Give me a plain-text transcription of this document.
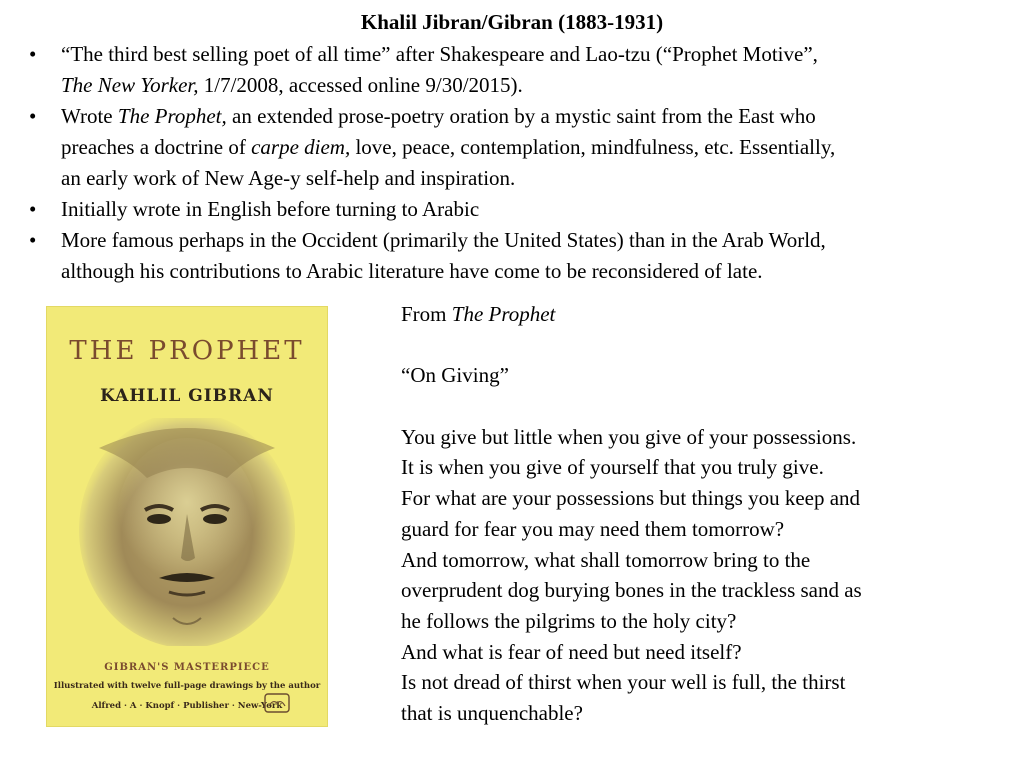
Khalil Jibran/Gibran (1883-1931)
• “The third best selling poet of all time” after Shakespeare and Lao-tzu (“Prophet Motive”,
The New Yorker, 1/7/2008, accessed online 9/30/2015).
• Wrote The Prophet, an extended prose-poetry oration by a mystic saint from the East who
preaches a doctrine of carpe diem, love, peace, contemplation, mindfulness, etc. Essentially,
an early work of New Age-y self-help and inspiration.
• Initially wrote in English before turning to Arabic
• More famous perhaps in the Occident (primarily the United States) than in the Arab World,
although his contributions to Arabic literature have come to be reconsidered of late.
THE PROPHET
KAHLIL GIBRAN
GIBRAN'S MASTERPIECE
Illustrated with twelve full-page drawings by the author
Alfred · A · Knopf · Publisher · New-York
From The Prophet
“On Giving”
You give but little when you give of your possessions.
It is when you give of yourself that you truly give.
For what are your possessions but things you keep and
guard for fear you may need them tomorrow?
And tomorrow, what shall tomorrow bring to the
overprudent dog burying bones in the trackless sand as
he follows the pilgrims to the holy city?
And what is fear of need but need itself?
Is not dread of thirst when your well is full, the thirst
that is unquenchable?
